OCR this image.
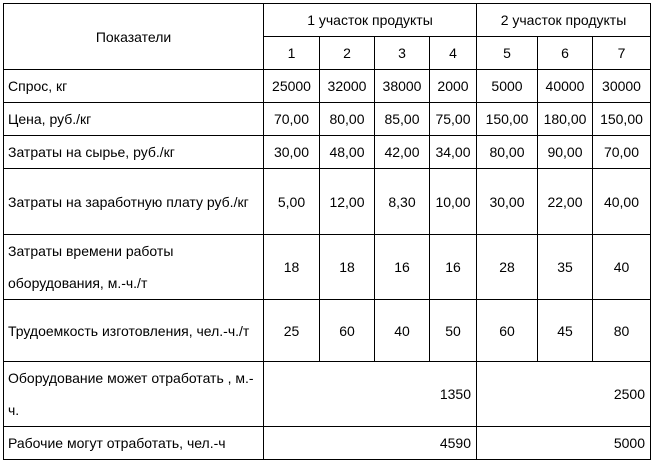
Показатели	1 участок продукты				2 участок продукты		
	1	2	3	4	5	6	7
Спрос, кг	25000	32000	38000	2000	5000	40000	30000
Цена, руб./кг	70,00	80,00	85,00	75,00	150,00	180,00	150,00
Затраты на сырье, руб./кг	30,00	48,00	42,00	34,00	80,00	90,00	70,00
Затраты на заработную плату руб./кг	5,00	12,00	8,30	10,00	30,00	22,00	40,00
Затраты времени работы оборудования, м.-ч./т	18	18	16	16	28	35	40
Трудоемкость изготовления, чел.-ч./т	25	60	40	50	60	45	80
Оборудование может отработать , м.-ч.	1350				2500		
Рабочие могут отработать, чел.-ч	4590				5000		
